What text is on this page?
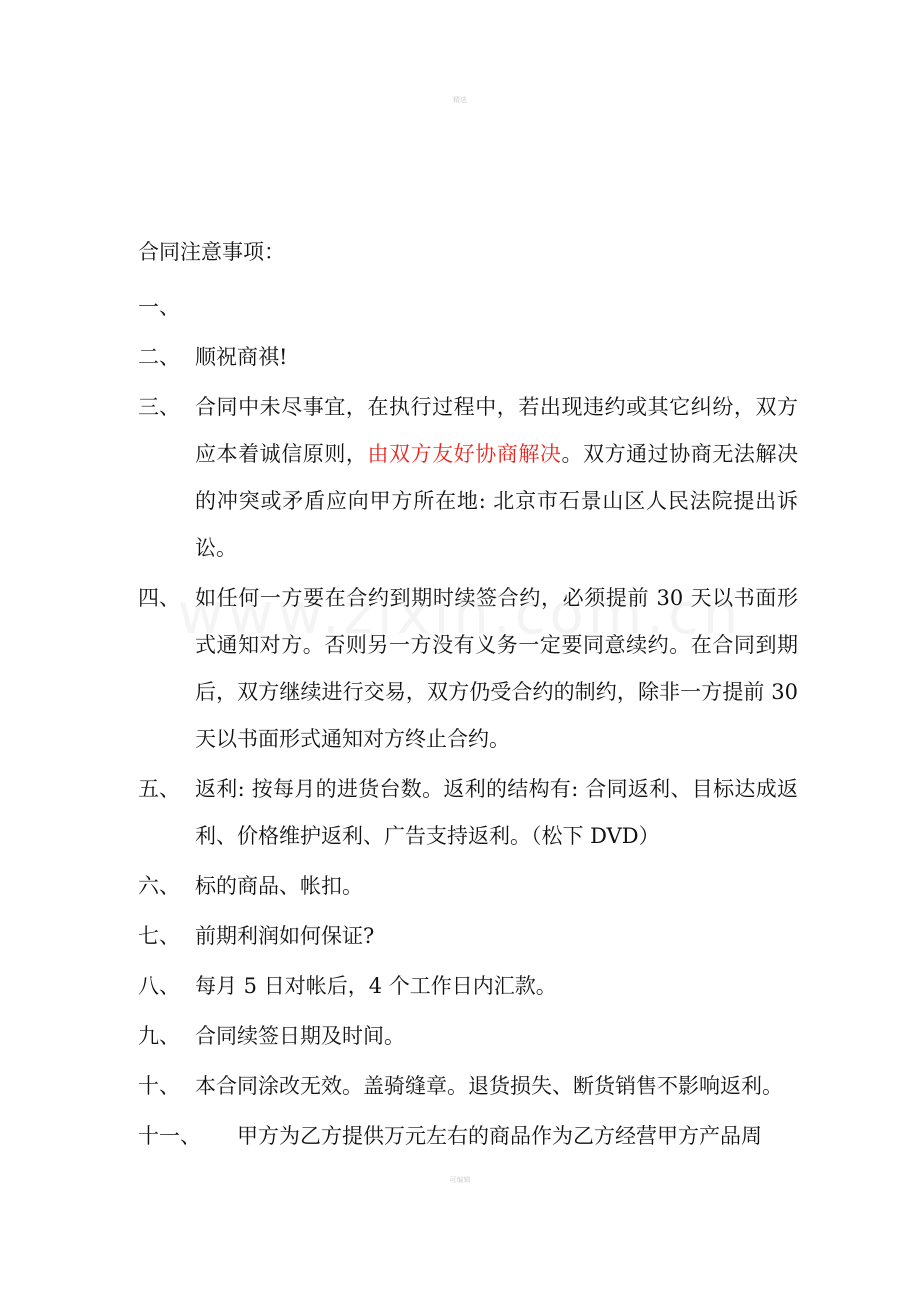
精选
合同注意事项：
一、
二、 顺祝商祺!
三、 合同中未尽事宜，在执行过程中，若出现违约或其它纠纷，双方应本着诚信原则，由双方友好协商解决。双方通过协商无法解决的冲突或矛盾应向甲方所在地: 北京市石景山区人民法院提出诉讼。
四、 如任何一方要在合约到期时续签合约，必须提前 30 天以书面形式通知对方。否则另一方没有义务一定要同意续约。在合同到期后，双方继续进行交易，双方仍受合约的制约，除非一方提前 30 天以书面形式通知对方终止合约。
五、 返利: 按每月的进货台数。返利的结构有: 合同返利、目标达成返利、价格维护返利、广告支持返利。（松下 DVD）
六、 标的商品、帐扣。
七、 前期利润如何保证?
八、 每月 5 日对帐后，4 个工作日内汇款。
九、 合同续签日期及时间。
十、 本合同涂改无效。盖骑缝章。退货损失、断货销售不影响返利。
十一、	甲方为乙方提供万元左右的商品作为乙方经营甲方产品周
可编辑
